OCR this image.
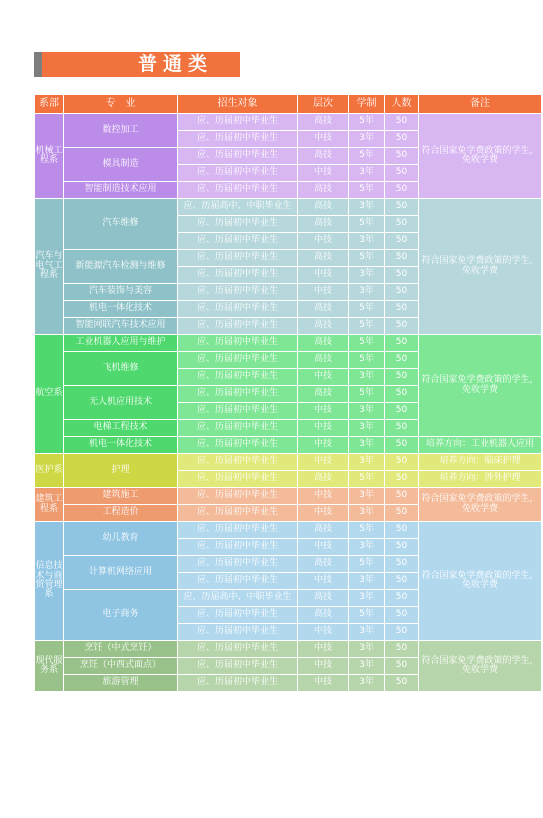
普通类
系部	专　业	招生对象	层次	学制	人数	备注
机械工程系	数控加工	应、历届初中毕业生	高技	5年	50	符合国家免学费政策的学生，免收学费
		应、历届初中毕业生	中技	3年	50	
	模具制造	应、历届初中毕业生	高技	5年	50	
		应、历届初中毕业生	中技	3年	50	
	智能制造技术应用	应、历届初中毕业生	高技	5年	50	
汽车与电气工程系	汽车维修	应、历届高中、中职毕业生	高技	3年	50	符合国家免学费政策的学生，免收学费
		应、历届初中毕业生	高技	5年	50	
		应、历届初中毕业生	中技	3年	50	
	新能源汽车检测与维修	应、历届初中毕业生	高技	5年	50	
		应、历届初中毕业生	中技	3年	50	
	汽车装饰与美容	应、历届初中毕业生	中技	3年	50	
	机电一体化技术	应、历届初中毕业生	高技	5年	50	
	智能网联汽车技术应用	应、历届初中毕业生	高技	5年	50	
航空系	工业机器人应用与维护	应、历届初中毕业生	高技	5年	50	符合国家免学费政策的学生，免收学费
	飞机维修	应、历届初中毕业生	高技	5年	50	
		应、历届初中毕业生	中技	3年	50	
	无人机应用技术	应、历届初中毕业生	高技	5年	50	
		应、历届初中毕业生	中技	3年	50	
	电梯工程技术	应、历届初中毕业生	中技	3年	50	
	机电一体化技术	应、历届初中毕业生	中技	3年	50	培养方向：工业机器人应用
医护系	护理	应、历届初中毕业生	中技	3年	50	培养方向：临床护理
		应、历届初中毕业生	高技	5年	50	培养方向：涉外护理
建筑工程系	建筑施工	应、历届初中毕业生	中技	3年	50	符合国家免学费政策的学生，免收学费
	工程造价	应、历届初中毕业生	中技	3年	50	
信息技术与商贸管理系	幼儿教育	应、历届初中毕业生	高技	5年	50	符合国家免学费政策的学生，免收学费
		应、历届初中毕业生	中技	3年	50	
	计算机网络应用	应、历届初中毕业生	高技	5年	50	
		应、历届初中毕业生	中技	3年	50	
	电子商务	应、历届高中、中职毕业生	高技	3年	50	
		应、历届初中毕业生	高技	5年	50	
		应、历届初中毕业生	中技	3年	50	
现代服务系	烹饪（中式烹饪）	应、历届初中毕业生	中技	3年	50	符合国家免学费政策的学生，免收学费
	烹饪（中西式面点）	应、历届初中毕业生	中技	3年	50	
	旅游管理	应、历届初中毕业生	中技	3年	50	
